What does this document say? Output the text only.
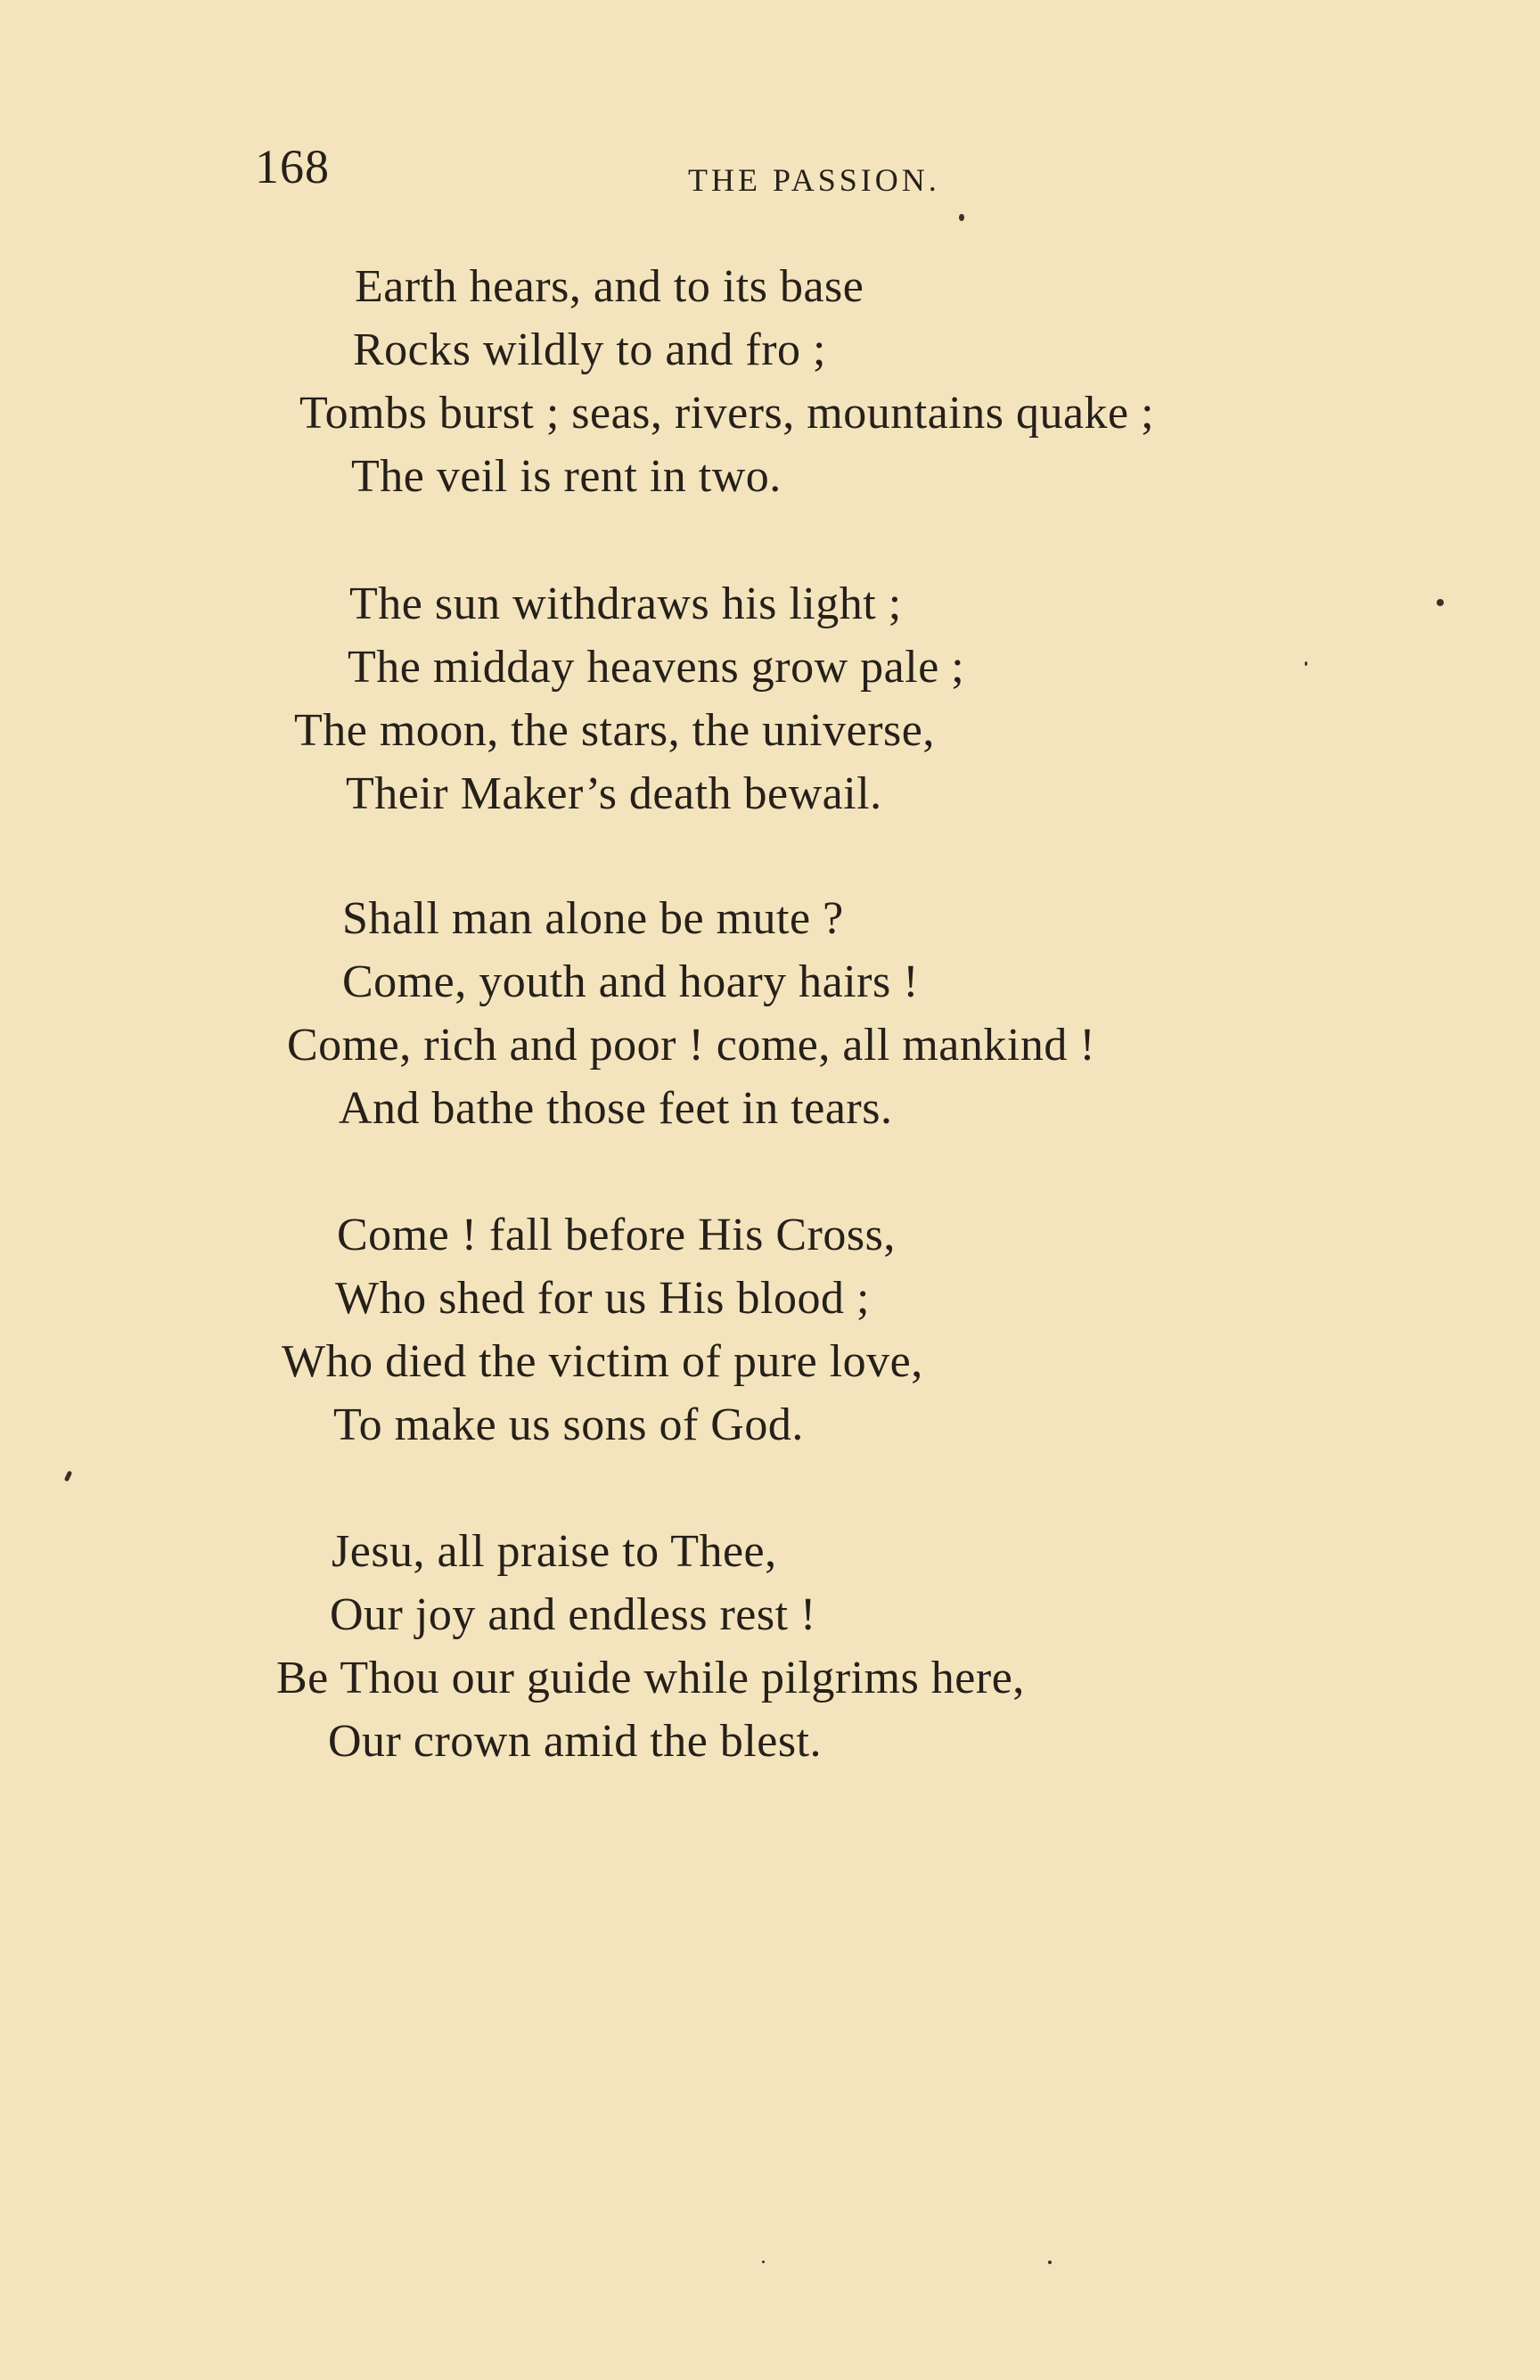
168	THE PASSION.
Earth hears, and to its base
Rocks wildly to and fro ;
Tombs burst ; seas, rivers, mountains quake ;
The veil is rent in two.
The sun withdraws his light ;
The midday heavens grow pale ;
The moon, the stars, the universe,
Their Maker’s death bewail.
Shall man alone be mute ?
Come, youth and hoary hairs !
Come, rich and poor ! come, all mankind !
And bathe those feet in tears.
Come ! fall before His Cross,
Who shed for us His blood ;
Who died the victim of pure love,
To make us sons of God.
Jesu, all praise to Thee,
Our joy and endless rest !
Be Thou our guide while pilgrims here,
Our crown amid the blest.
